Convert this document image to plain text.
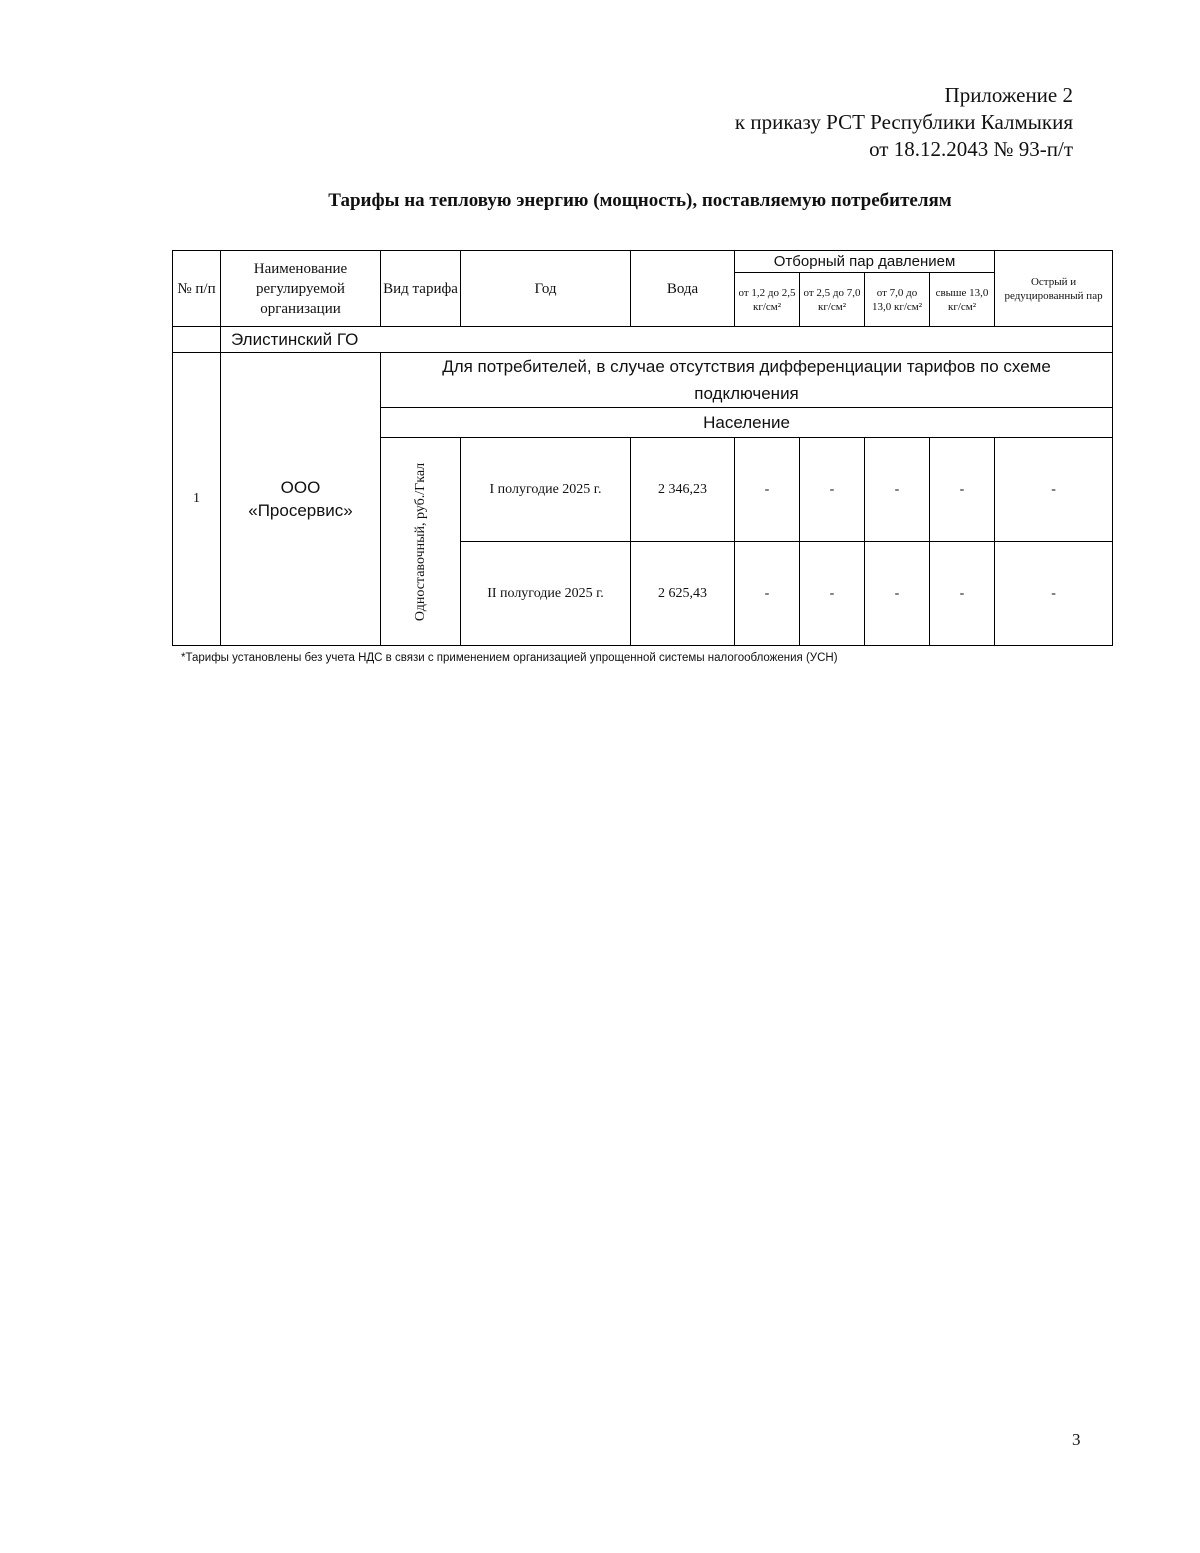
Приложение 2
к приказу РСТ Республики Калмыкия
от 18.12.2043 № 93-п/т
Тарифы на тепловую энергию (мощность), поставляемую потребителям
№ п/п	Наименование регулируемой организации	Вид тарифа	Год	Вода	Отборный пар давлением				Острый и редуцированный пар
					от 1,2 до 2,5 кг/см²	от 2,5 до 7,0 кг/см²	от 7,0 до 13,0 кг/см²	свыше 13,0 кг/см²	
	Элистинский ГО								
1	ООО «Просервис»	Для потребителей, в случае отсутствия дифференциации тарифов по схеме подключения							
		Население							

		Одноставочный, руб./Гкал	I полугодие 2025 г.	2 346,23	-	-	-	-	-
			II полугодие 2025 г.	2 625,43	-	-	-	-	-
*Тарифы установлены без учета НДС в связи с применением организацией упрощенной системы налогообложения (УСН)
3
